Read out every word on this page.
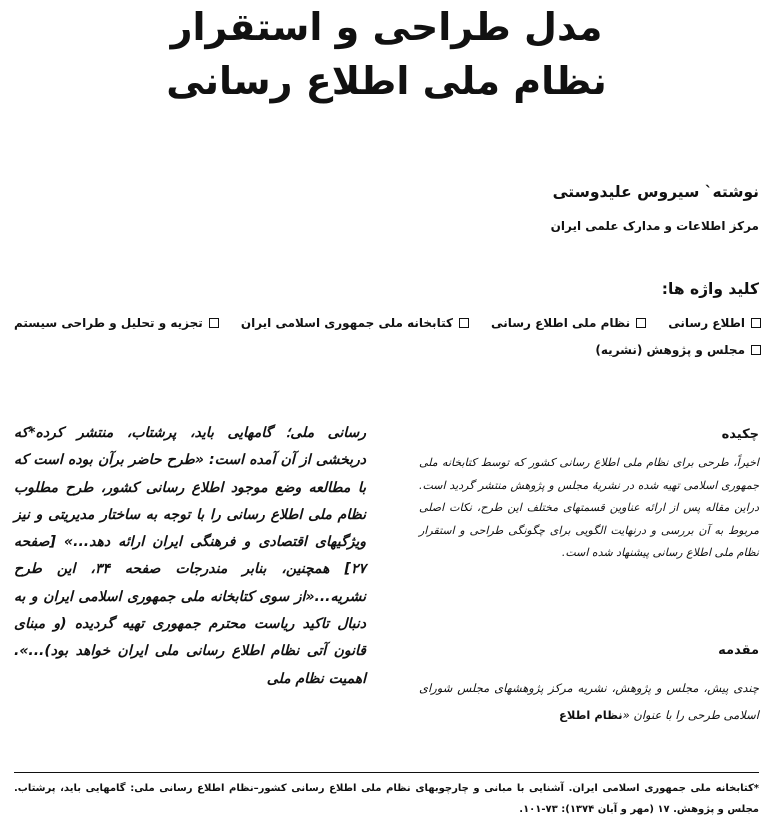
مدل طراحی و استقرار
نظام ملی اطلاع رسانی
نوشته` سیروس علیدوستی
مرکز اطلاعات و مدارک علمی ایران
کلید واژه ها:
اطلاع رسانی
نظام ملی اطلاع رسانی
کتابخانه ملی جمهوری اسلامی ایران
تجزیه و تحلیل و طراحی سیستم
مجلس و پژوهش (نشریه)
چکیده

اخیراً، طرحی برای نظام ملی اطلاع رسانی کشور که توسط کتابخانه ملی جمهوری اسلامی تهیه شده در نشریهٔ مجلس و پژوهش منتشر گردید است. دراین مقاله پس از ارائه عناوین قسمتهای مختلف این طرح، نکات اصلی مربوط به آن بررسی و درنهایت الگویی برای چگونگی طراحی و استقرار نظام ملی اطلاع رسانی پیشنهاد شده است.

مقدمه

چندی پیش، مجلس و پژوهش، نشریه مرکز پژوهشهای مجلس شورای اسلامی طرحی را با عنوان «نظام اطلاع

رسانی ملی؛ گامهایی باید، پرشتاب، منتشر کرده*که دربخشی از آن آمده است: «طرح حاضر برآن بوده است که با مطالعه وضع موجود اطلاع رسانی کشور، طرح مطلوب نظام ملی اطلاع رسانی را با توجه به ساختار مدیریتی و نیز ویژگیهای اقتصادی و فرهنگی ایران ارائه دهد...» [صفحه ۲۷] همچنین، بنابر مندرجات صفحه ۳۴، این طرح نشریه...«از سوی کتابخانه ملی جمهوری اسلامی ایران و به دنبال تاکید ریاست محترم جمهوری تهیه گردیده (و مبنای قانون آتی نظام اطلاع رسانی ملی ایران خواهد بود)...». اهمیت نظام ملی

*کتابخانه ملی جمهوری اسلامی ایران. آشنایی با مبانی و چارچوبهای نظام ملی اطلاع رسانی کشور–نظام اطلاع رسانی ملی: گامهایی باید، پرشتاب. مجلس و پژوهش. ۱۷ (مهر و آبان ۱۳۷۴): ۷۳-۱۰۱.
